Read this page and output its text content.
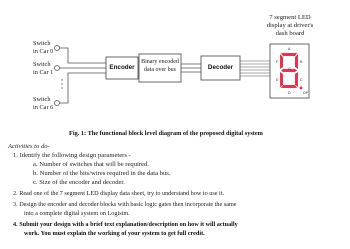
Switch
in Car 0
Switch
in Car 1
Switch
in Car 6
Encoder
Binary encoded
data over bus	Decoder
7 segment LED
display at driver's
dash board
A
B
C
D
E
F
G
DP
Fig. 1: The functional block level diagram of the proposed digital system
Activities to do-
1. Identify the following design parameters -
a. Number of switches that will be required.
b. Number of the bits/wires required in the data bus.
c. Size of the encoder and decoder.
2. Read one of the 7 segment LED display data sheet, try to understand how to use it.
3. Design the encoder and decoder blocks with basic logic gates then incorporate the same
into a complete digital system on Logisim.
4. Submit your design with a brief text explanation/description on how it will actually
work. You must explain the working of your system to get full credit.
